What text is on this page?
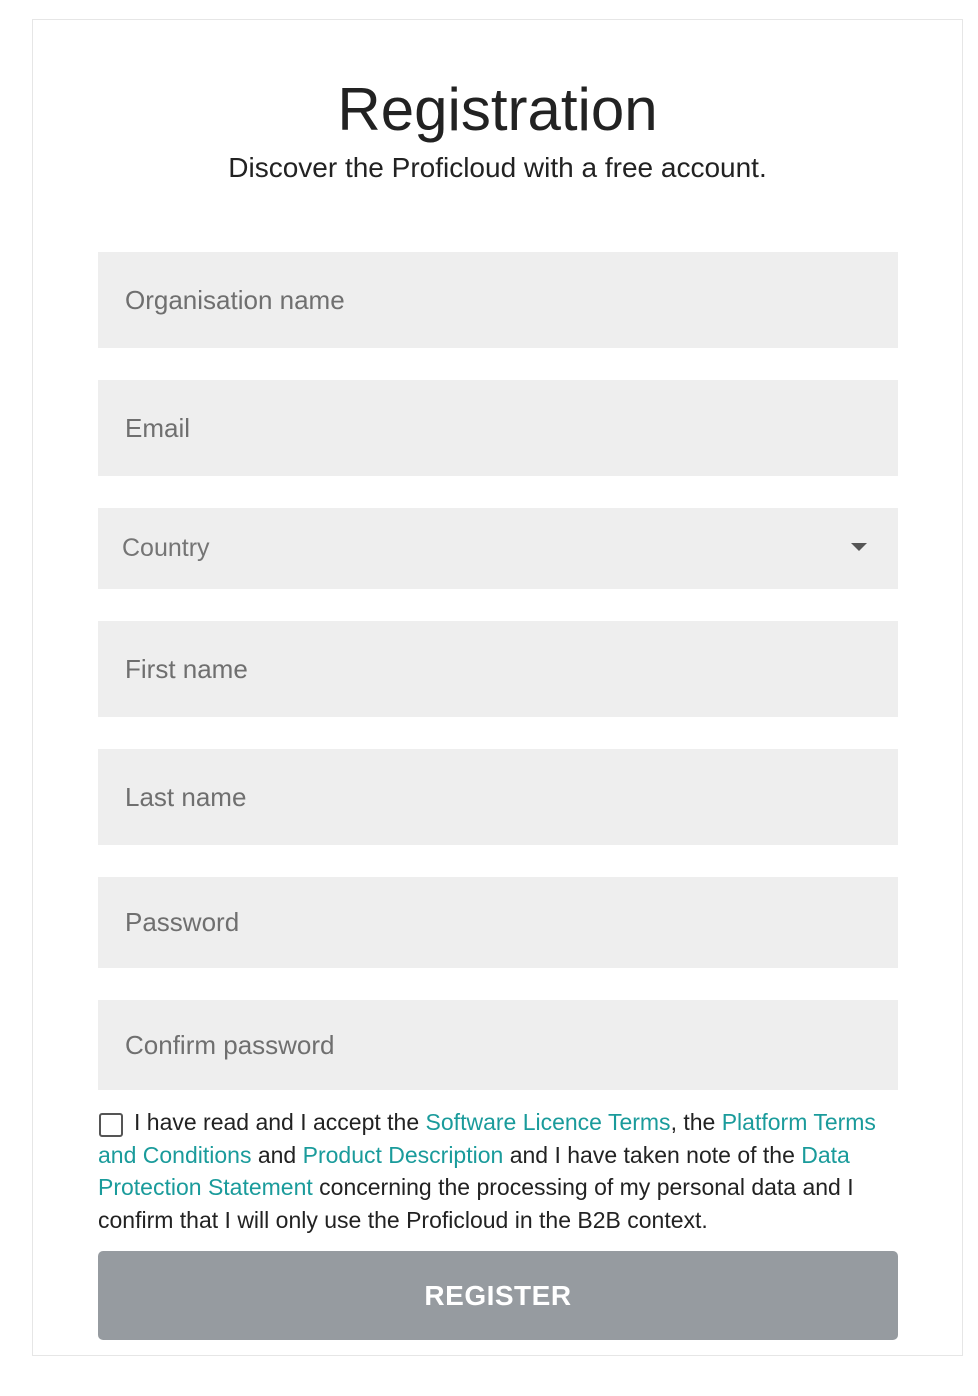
Registration
Discover the Proficloud with a free account.
Organisation name
Email
Country
First name
Last name
I have read and I accept the Software Licence Terms, the Platform Terms and Conditions and Product Description and I have taken note of the Data Protection Statement concerning the processing of my personal data and I confirm that I will only use the Proficloud in the B2B context.
REGISTER
